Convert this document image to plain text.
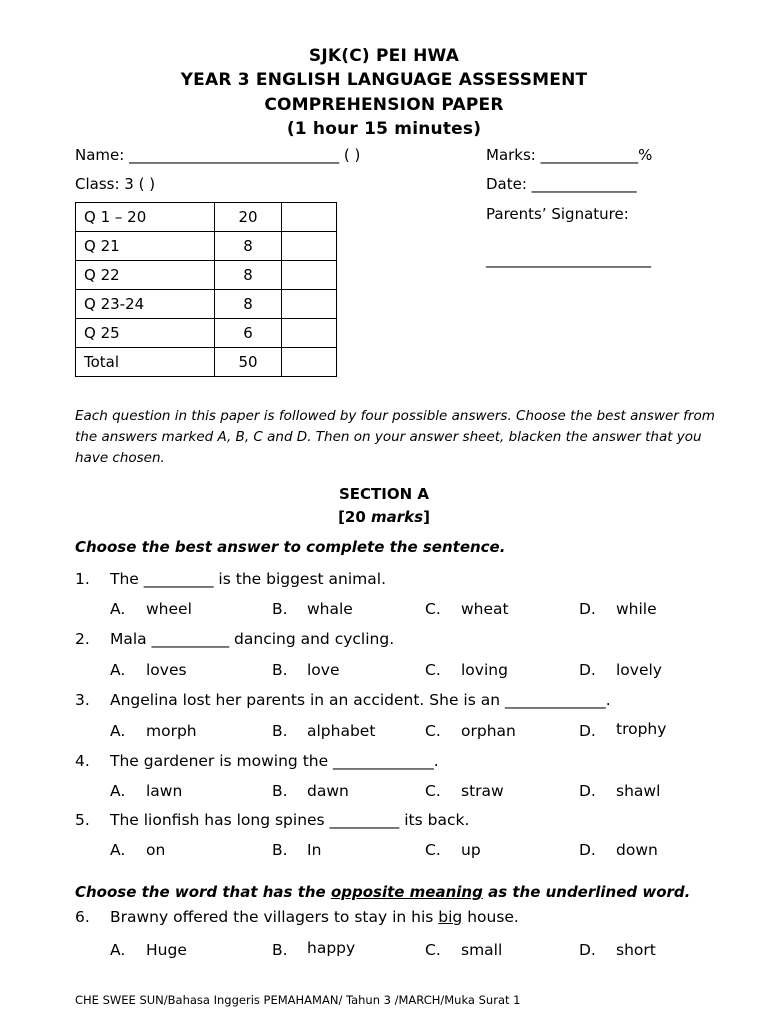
SJK(C) PEI HWA
YEAR 3 ENGLISH LANGUAGE ASSESSMENT
COMPREHENSION PAPER
(1 hour 15 minutes)
Name: ____________________________ ( )
Class: 3 ( )
Marks: _____________%
Date: ______________
Parents’ Signature:
______________________
Q 1 – 20	20	
Q 21	8	
Q 22	8	
Q 23-24	8	
Q 25	6	
Total	50	
Each question in this paper is followed by four possible answers. Choose the best answer from the answers marked A, B, C and D. Then on your answer sheet, blacken the answer that you have chosen.
SECTION A
[20 marks]
Choose the best answer to complete the sentence.
1. The _________ is the biggest animal.
A. wheel	B. whale	C. wheat	D. while
2. Mala __________ dancing and cycling.
A. loves	B. love	C. loving	D. lovely
3. Angelina lost her parents in an accident. She is an _____________.
A. morph	B. alphabet	C. orphan	D. trophy
4. The gardener is mowing the _____________.
A. lawn	B. dawn	C. straw	D. shawl
5. The lionfish has long spines _________ its back.
A. on	B. In	C. up	D. down
Choose the word that has the opposite meaning as the underlined word.
6. Brawny offered the villagers to stay in his big house.
A. Huge	B. happy	C. small	D. short
CHE SWEE SUN/Bahasa Inggeris PEMAHAMAN/ Tahun 3 /MARCH/Muka Surat 1
